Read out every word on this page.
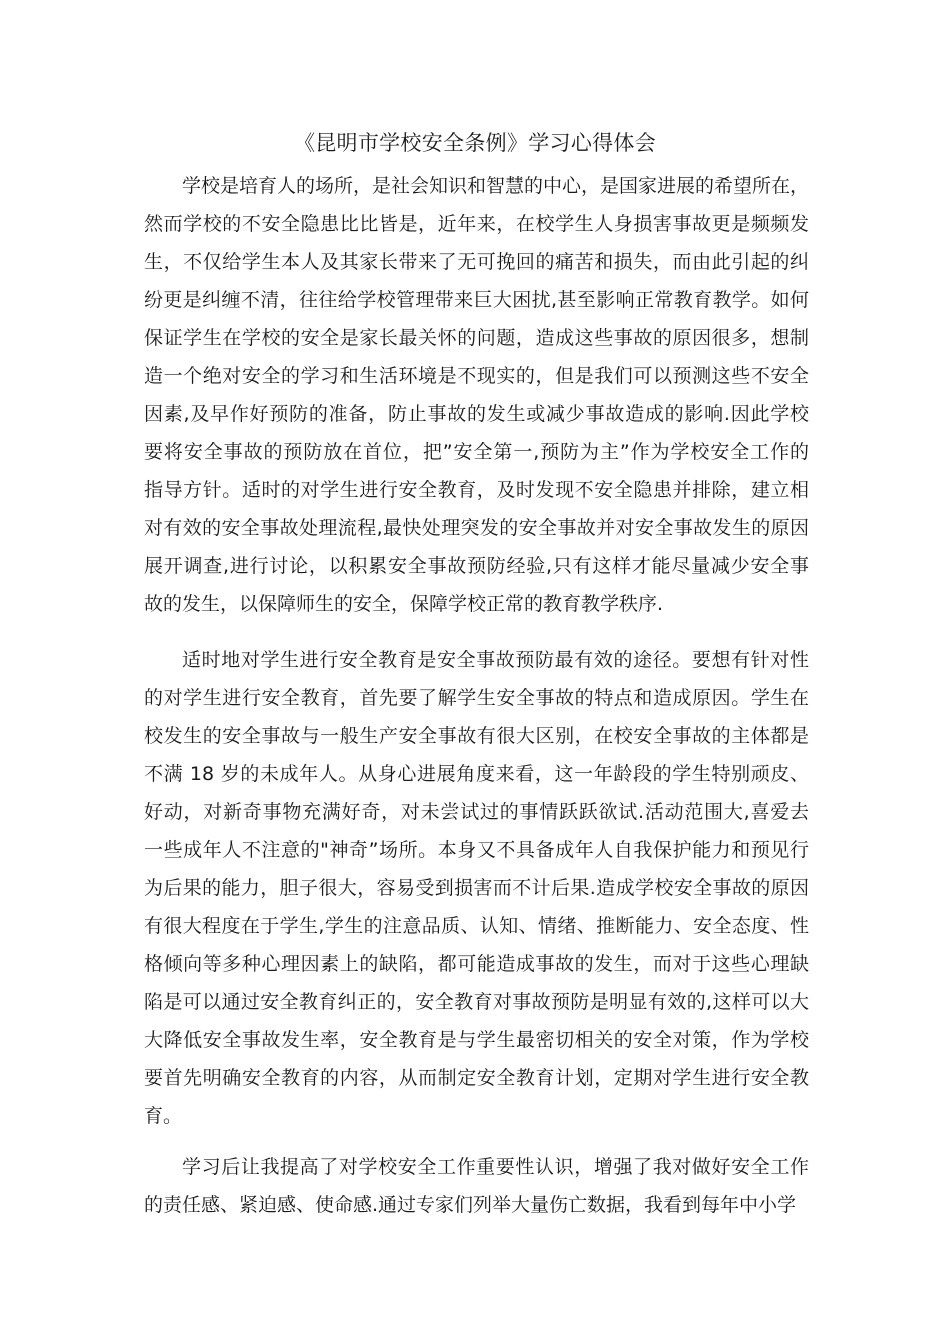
《昆明市学校安全条例》学习心得体会
学校是培育人的场所，是社会知识和智慧的中心，是国家进展的希望所在，
然而学校的不安全隐患比比皆是，近年来，在校学生人身损害事故更是频频发
生，不仅给学生本人及其家长带来了无可挽回的痛苦和损失，而由此引起的纠
纷更是纠缠不清，往往给学校管理带来巨大困扰,甚至影响正常教育教学。如何
保证学生在学校的安全是家长最关怀的问题，造成这些事故的原因很多，想制
造一个绝对安全的学习和生活环境是不现实的，但是我们可以预测这些不安全
因素,及早作好预防的准备，防止事故的发生或减少事故造成的影响.因此学校
要将安全事故的预防放在首位，把”安全第一,预防为主”作为学校安全工作的
指导方针。适时的对学生进行安全教育，及时发现不安全隐患并排除，建立相
对有效的安全事故处理流程,最快处理突发的安全事故并对安全事故发生的原因
展开调查,进行讨论，以积累安全事故预防经验,只有这样才能尽量减少安全事
故的发生，以保障师生的安全，保障学校正常的教育教学秩序.
适时地对学生进行安全教育是安全事故预防最有效的途径。要想有针对性
的对学生进行安全教育，首先要了解学生安全事故的特点和造成原因。学生在
校发生的安全事故与一般生产安全事故有很大区别，在校安全事故的主体都是
不满 18 岁的未成年人。从身心进展角度来看，这一年龄段的学生特别顽皮、
好动，对新奇事物充满好奇，对未尝试过的事情跃跃欲试.活动范围大,喜爱去
一些成年人不注意的"神奇”场所。本身又不具备成年人自我保护能力和预见行
为后果的能力，胆子很大，容易受到损害而不计后果.造成学校安全事故的原因
有很大程度在于学生,学生的注意品质、认知、情绪、推断能力、安全态度、性
格倾向等多种心理因素上的缺陷，都可能造成事故的发生，而对于这些心理缺
陷是可以通过安全教育纠正的，安全教育对事故预防是明显有效的,这样可以大
大降低安全事故发生率，安全教育是与学生最密切相关的安全对策，作为学校
要首先明确安全教育的内容，从而制定安全教育计划，定期对学生进行安全教
育。
学习后让我提高了对学校安全工作重要性认识，增强了我对做好安全工作
的责任感、紧迫感、使命感.通过专家们列举大量伤亡数据，我看到每年中小学
